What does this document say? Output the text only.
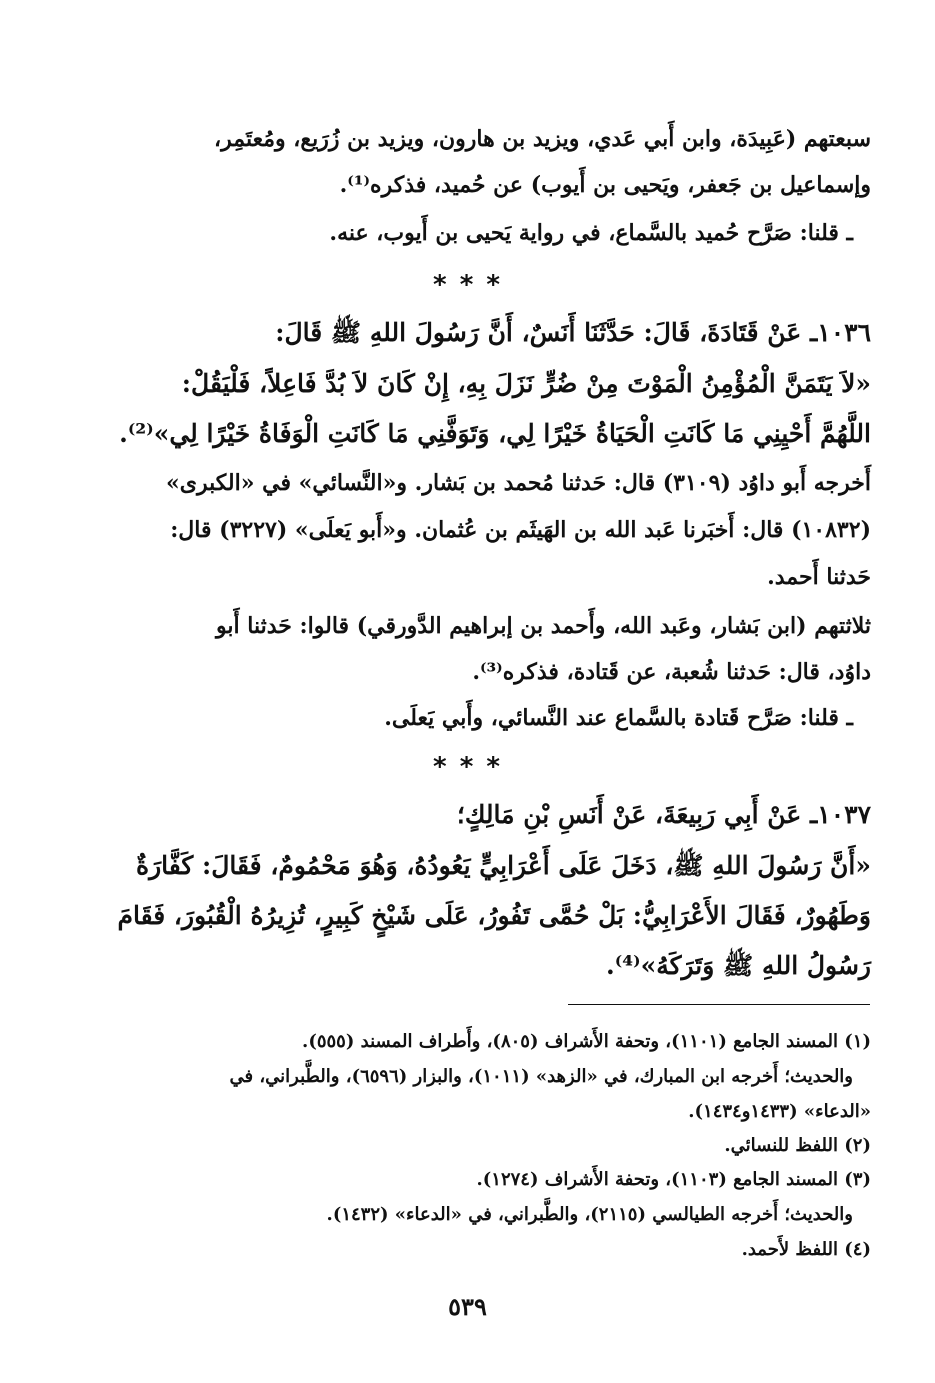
سبعتهم (عَبِيدَة، وابن أَبي عَدي، ويزيد بن هارون، ويزيد بن زُرَيع، ومُعتَمِر،
وإسماعيل بن جَعفر، ويَحيى بن أَيوب) عن حُميد، فذكره⁽¹⁾.
ـ قلنا: صَرَّح حُميد بالسَّماع، في رواية يَحيى بن أَيوب، عنه.
* * *
١٠٣٦ـ عَنْ قَتَادَةَ، قَالَ: حَدَّثَنَا أَنَسٌ، أَنَّ رَسُولَ اللهِ ﷺ قَالَ:
«لاَ يَتَمَنَّ الْمُؤْمِنُ الْمَوْتَ مِنْ ضُرٍّ نَزَلَ بِهِ، إِنْ كَانَ لاَ بُدَّ فَاعِلاً، فَلْيَقُلْ:
اللَّهُمَّ أَحْيِنِي مَا كَانَتِ الْحَيَاةُ خَيْرًا لِي، وَتَوَفَّنِي مَا كَانَتِ الْوَفَاةُ خَيْرًا لِي»⁽²⁾.
أَخرجه أَبو داوُد (٣١٠٩) قال: حَدثنا مُحمد بن بَشار. و«النَّسائي» في «الكبرى»
(١٠٨٣٢) قال: أَخبَرنا عَبد الله بن الهَيثَم بن عُثمان. و«أَبو يَعلَى» (٣٢٢٧) قال:
حَدثنا أَحمد.
ثلاثتهم (ابن بَشار، وعَبد الله، وأَحمد بن إبراهيم الدَّورقي) قالوا: حَدثنا أَبو
داوُد، قال: حَدثنا شُعبة، عن قَتادة، فذكره⁽³⁾.
ـ قلنا: صَرَّح قَتادة بالسَّماع عند النَّسائي، وأَبي يَعلَى.
* * *
١٠٣٧ـ عَنْ أَبِي رَبِيعَةَ، عَنْ أَنَسِ بْنِ مَالِكٍ؛
«أَنَّ رَسُولَ اللهِ ﷺ، دَخَلَ عَلَى أَعْرَابِيٍّ يَعُودُهُ، وَهُوَ مَحْمُومٌ، فَقَالَ: كَفَّارَةٌ
وَطَهُورٌ، فَقَالَ الأَعْرَابِيُّ: بَلْ حُمَّى تَفُورُ، عَلَى شَيْخٍ كَبِيرٍ، تُزِيرُهُ الْقُبُورَ، فَقَامَ
رَسُولُ اللهِ ﷺ وَتَرَكَهُ»⁽⁴⁾.
(١) المسند الجامع (١١٠١)، وتحفة الأَشراف (٨٠٥)، وأَطراف المسند (٥٥٥).
والحديث؛ أَخرجه ابن المبارك، في «الزهد» (١٠١١)، والبزار (٦٥٩٦)، والطَّبراني، في
«الدعاء» (١٤٣٣و١٤٣٤).
(٢) اللفظ للنسائي.
(٣) المسند الجامع (١١٠٣)، وتحفة الأَشراف (١٢٧٤).
والحديث؛ أَخرجه الطيالسي (٢١١٥)، والطَّبراني، في «الدعاء» (١٤٣٢).
(٤) اللفظ لأَحمد.
٥٣٩
